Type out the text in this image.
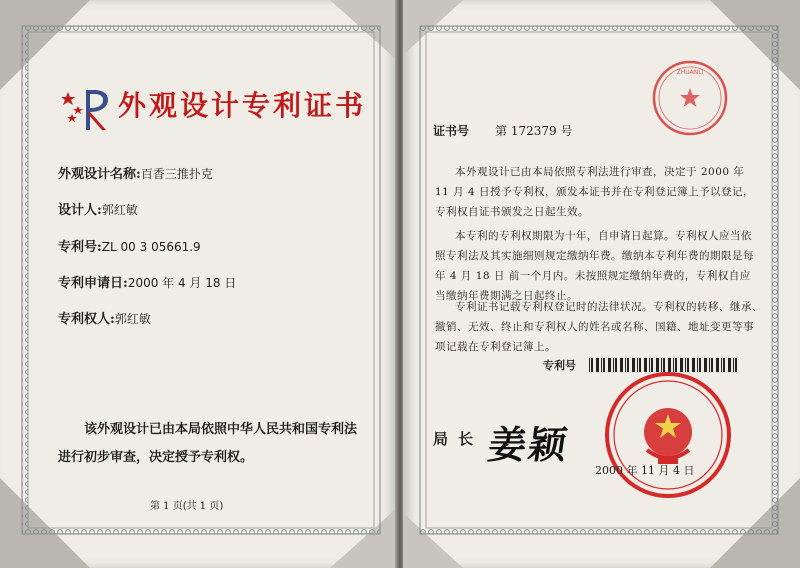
外观设计专利证书
外观设计名称:百香三推扑克
设计人:郭红敏
专利号:ZL 00 3 05661.9
专利申请日:2000 年 4 月 18 日
专利权人:郭红敏
该外观设计已由本局依照中华人民共和国专利法
进行初步审查，决定授予专利权。
第 1 页(共 1 页)
ZHUANLI
证书号 第 172379 号
本外观设计已由本局依照专利法进行审查，决定于 2000 年
11 月 4 日授予专利权，颁发本证书并在专利登记簿上予以登记，
专利权自证书颁发之日起生效。
本专利的专利权期限为十年，自申请日起算。专利权人应当依
照专利法及其实施细则规定缴纳年费。缴纳本专利年费的期限是每
年 4 月 18 日 前一个月内。未按照规定缴纳年费的，专利权自应
当缴纳年费期满之日起终止。
专利证书记载专利权登记时的法律状况。专利权的转移、继承、
撤销、无效、终止和专利权人的姓名或名称、国籍、地址变更等事
项记载在专利登记簿上。
专利号
局长 姜颖
2000 年 11 月 4 日
